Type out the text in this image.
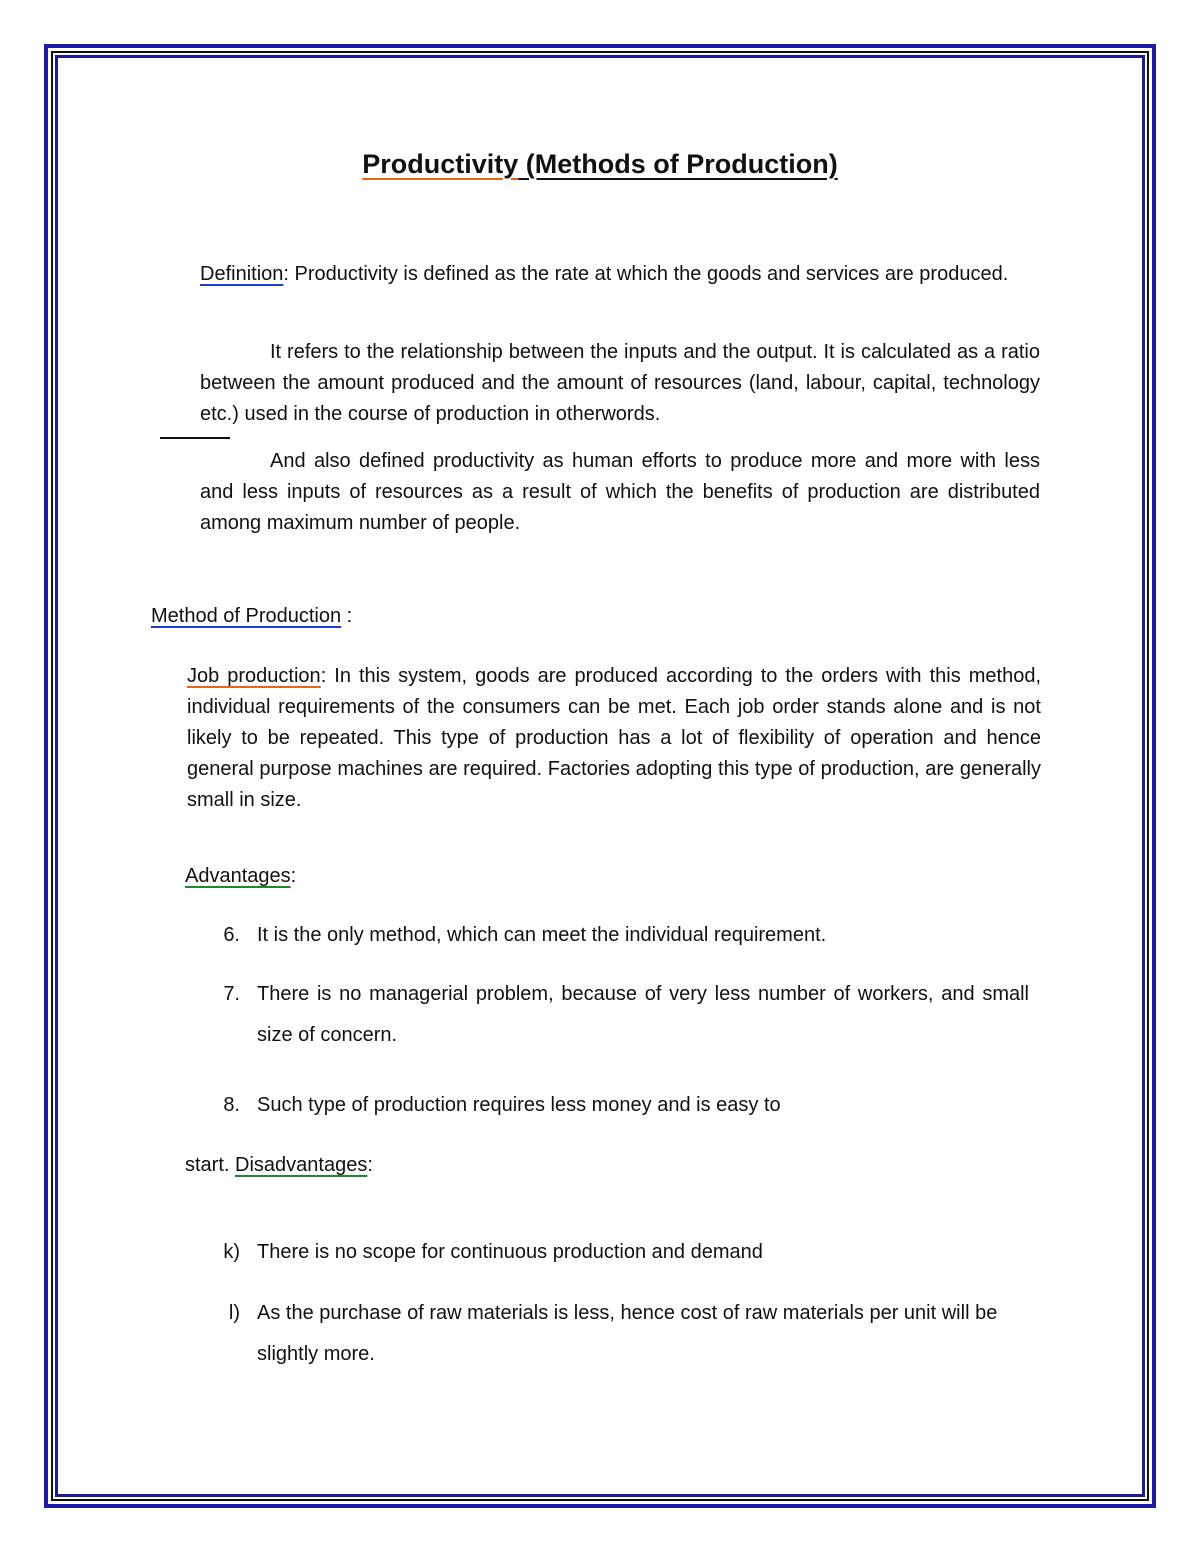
Productivity (Methods of Production)

Definition: Productivity is defined as the rate at which the goods and services are produced.

It refers to the relationship between the inputs and the output. It is calculated as a ratio between the amount produced and the amount of resources (land, labour, capital, technology etc.) used in the course of production in otherwords.

And also defined productivity as human efforts to produce more and more with less and less inputs of resources as a result of which the benefits of production are distributed among maximum number of people.

Method of Production :

Job production: In this system, goods are produced according to the orders with this method, individual requirements of the consumers can be met. Each job order stands alone and is not likely to be repeated. This type of production has a lot of flexibility of operation and hence general purpose machines are required. Factories adopting this type of production, are generally small in size.

Advantages:

6. It is the only method, which can meet the individual requirement.
7. There is no managerial problem, because of very less number of workers, and small size of concern.
8. Such type of production requires less money and is easy to

start. Disadvantages:

k) There is no scope for continuous production and demand
l) As the purchase of raw materials is less, hence cost of raw materials per unit will be slightly more.
